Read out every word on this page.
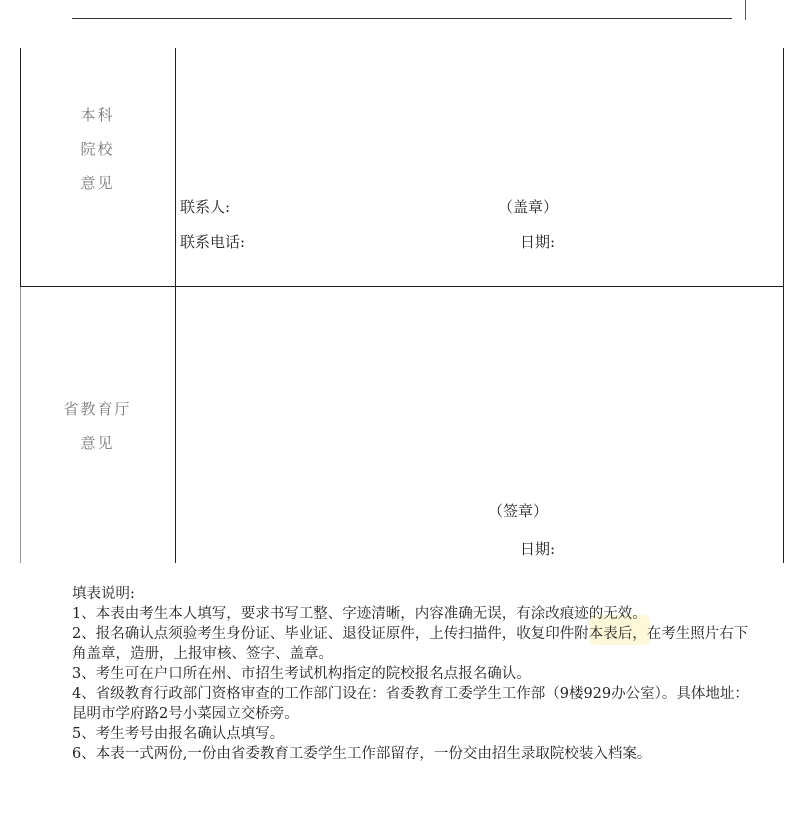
本科
院校
意见
联系人:	（盖章）
联系电话:	日期:
省教育厅
意见
（签章）
日期:

填表说明:

1、本表由考生本人填写，要求书写工整、字迹清晰，内容准确无误，有涂改痕迹的无效。

2、报名确认点须验考生身份证、毕业证、退役证原件，上传扫描件，收复印件附本表后，在考生照片右下角盖章，造册，上报审核、签字、盖章。

3、考生可在户口所在州、市招生考试机构指定的院校报名点报名确认。

4、省级教育行政部门资格审查的工作部门设在：省委教育工委学生工作部（9楼929办公室）。具体地址：昆明市学府路2号小菜园立交桥旁。

5、考生考号由报名确认点填写。

6、本表一式两份,一份由省委教育工委学生工作部留存，一份交由招生录取院校装入档案。
